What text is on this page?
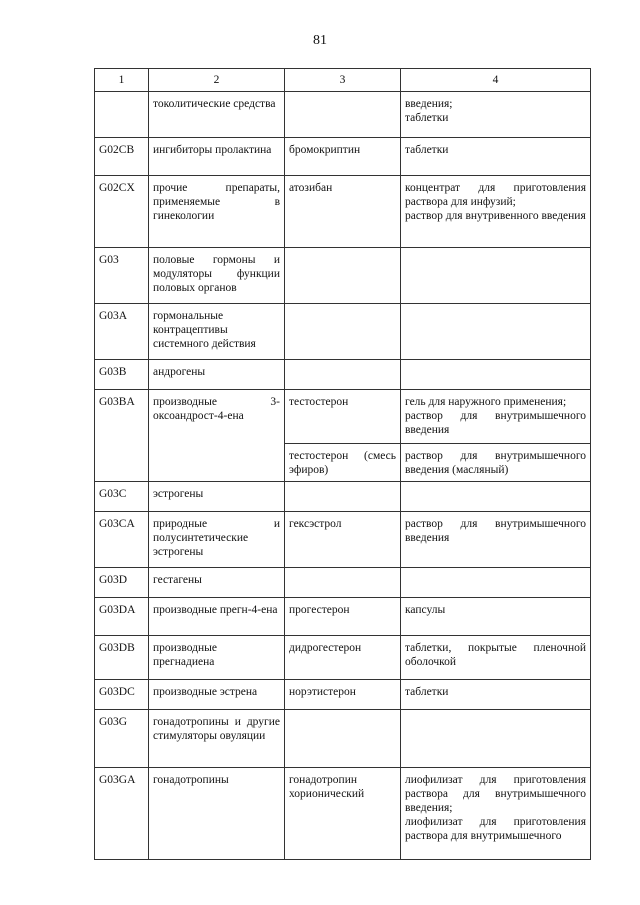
81
1	2	3	4
	токолитические средства		введения;
таблетки

G02CB	ингибиторы пролактина	бромокриптин	таблетки

G02CX	прочие препараты, применяемые в гинекологии	атозибан	концентрат для приготовления раствора для инфузий;
раствор для внутривенного введения

G03	половые гормоны и модуляторы функции половых органов		
G03A	гормональные контрацептивы системного действия		
G03B	андрогены		
G03BA	производные 3-оксоандрост-4-ена	тестостерон	гель для наружного применения;
раствор для внутримышечного введения

		тестостерон (смесь эфиров)	раствор для внутримышечного введения (масляный)

G03C	эстрогены		
G03CA	природные и полусинтетические эстрогены	гексэстрол	раствор для внутримышечного введения

G03D	гестагены		
G03DA	производные прегн-4-ена	прогестерон	капсулы

G03DB	производные прегнадиена	дидрогестерон	таблетки, покрытые пленочной оболочкой

G03DC	производные эстрена	норэтистерон	таблетки

G03G	гонадотропины и другие стимуляторы овуляции		
G03GA	гонадотропины	гонадотропин хорионический	лиофилизат для приготовления раствора для внутримышечного введения;
лиофилизат для приготовления раствора для внутримышечного
